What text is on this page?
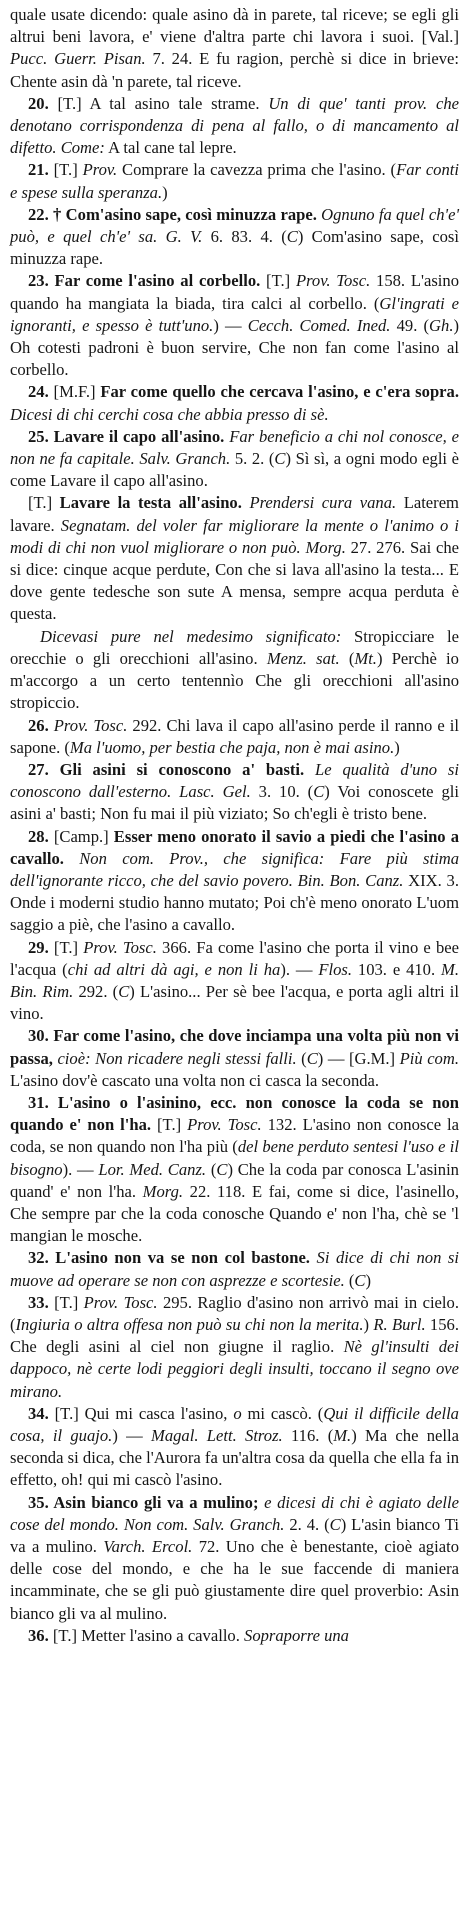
quale usate dicendo: quale asino dà in parete, tal riceve; se egli gli altrui beni lavora, e' viene d'altra parte chi lavora i suoi. [Val.] Pucc. Guerr. Pisan. 7. 24. E fu ragion, perchè si dice in brieve: Chente asin dà 'n parete, tal riceve.

20. [T.] A tal asino tale strame. Un di que' tanti prov. che denotano corrispondenza di pena al fallo, o di mancamento al difetto. Come: A tal cane tal lepre.

21. [T.] Prov. Comprare la cavezza prima che l'asino. (Far conti e spese sulla speranza.)

22. † Com'asino sape, così minuzza rape. Ognuno fa quel ch'e' può, e quel ch'e' sa. G. V. 6. 83. 4. (C) Com'asino sape, così minuzza rape.

23. Far come l'asino al corbello. [T.] Prov. Tosc. 158. L'asino quando ha mangiata la biada, tira calci al corbello. (Gl'ingrati e ignoranti, e spesso è tutt'uno.) — Cecch. Comed. Ined. 49. (Gh.) Oh cotesti padroni è buon servire, Che non fan come l'asino al corbello.

24. [M.F.] Far come quello che cercava l'asino, e c'era sopra. Dicesi di chi cerchi cosa che abbia presso di sè.

25. Lavare il capo all'asino. Far beneficio a chi nol conosce, e non ne fa capitale. Salv. Granch. 5. 2. (C) Sì sì, a ogni modo egli è come Lavare il capo all'asino.

[T.] Lavare la testa all'asino. Prendersi cura vana. Laterem lavare. Segnatam. del voler far migliorare la mente o l'animo o i modi di chi non vuol migliorare o non può. Morg. 27. 276. Sai che si dice: cinque acque perdute, Con che si lava all'asino la testa... E dove gente tedesche son sute A mensa, sempre acqua perduta è questa.

Dicevasi pure nel medesimo significato: Stropicciare le orecchie o gli orecchioni all'asino. Menz. sat. (Mt.) Perchè io m'accorgo a un certo tentennìo Che gli orecchioni all'asino stropiccio.

26. Prov. Tosc. 292. Chi lava il capo all'asino perde il ranno e il sapone. (Ma l'uomo, per bestia che paja, non è mai asino.)

27. Gli asini si conoscono a' basti. Le qualità d'uno si conoscono dall'esterno. Lasc. Gel. 3. 10. (C) Voi conoscete gli asini a' basti; Non fu mai il più viziato; So ch'egli è tristo bene.

28. [Camp.] Esser meno onorato il savio a piedi che l'asino a cavallo. Non com. Prov., che significa: Fare più stima dell'ignorante ricco, che del savio povero. Bin. Bon. Canz. XIX. 3. Onde i moderni studio hanno mutato; Poi ch'è meno onorato L'uom saggio a piè, che l'asino a cavallo.

29. [T.] Prov. Tosc. 366. Fa come l'asino che porta il vino e bee l'acqua (chi ad altri dà agi, e non li ha). — Flos. 103. e 410. M. Bin. Rim. 292. (C) L'asino... Per sè bee l'acqua, e porta agli altri il vino.

30. Far come l'asino, che dove inciampa una volta più non vi passa, cioè: Non ricadere negli stessi falli. (C) — [G.M.] Più com. L'asino dov'è cascato una volta non ci casca la seconda.

31. L'asino o l'asinino, ecc. non conosce la coda se non quando e' non l'ha. [T.] Prov. Tosc. 132. L'asino non conosce la coda, se non quando non l'ha più (del bene perduto sentesi l'uso e il bisogno). — Lor. Med. Canz. (C) Che la coda par conosca L'asinin quand' e' non l'ha. Morg. 22. 118. E fai, come si dice, l'asinello, Che sempre par che la coda conosche Quando e' non l'ha, chè se 'l mangian le mosche.

32. L'asino non va se non col bastone. Si dice di chi non si muove ad operare se non con asprezze e scortesie. (C)

33. [T.] Prov. Tosc. 295. Raglio d'asino non arrivò mai in cielo. (Ingiuria o altra offesa non può su chi non la merita.) R. Burl. 156. Che degli asini al ciel non giugne il raglio. Nè gl'insulti dei dappoco, nè certe lodi peggiori degli insulti, toccano il segno ove mirano.

34. [T.] Qui mi casca l'asino, o mi cascò. (Qui il difficile della cosa, il guajo.) — Magal. Lett. Stroz. 116. (M.) Ma che nella seconda si dica, che l'Aurora fa un'altra cosa da quella che ella fa in effetto, oh! qui mi cascò l'asino.

35. Asin bianco gli va a mulino; e dicesi di chi è agiato delle cose del mondo. Non com. Salv. Granch. 2. 4. (C) L'asin bianco Ti va a mulino. Varch. Ercol. 72. Uno che è benestante, cioè agiato delle cose del mondo, e che ha le sue faccende di maniera incamminate, che se gli può giustamente dire quel proverbio: Asin bianco gli va al mulino.

36. [T.] Metter l'asino a cavallo. Sopraporre una
